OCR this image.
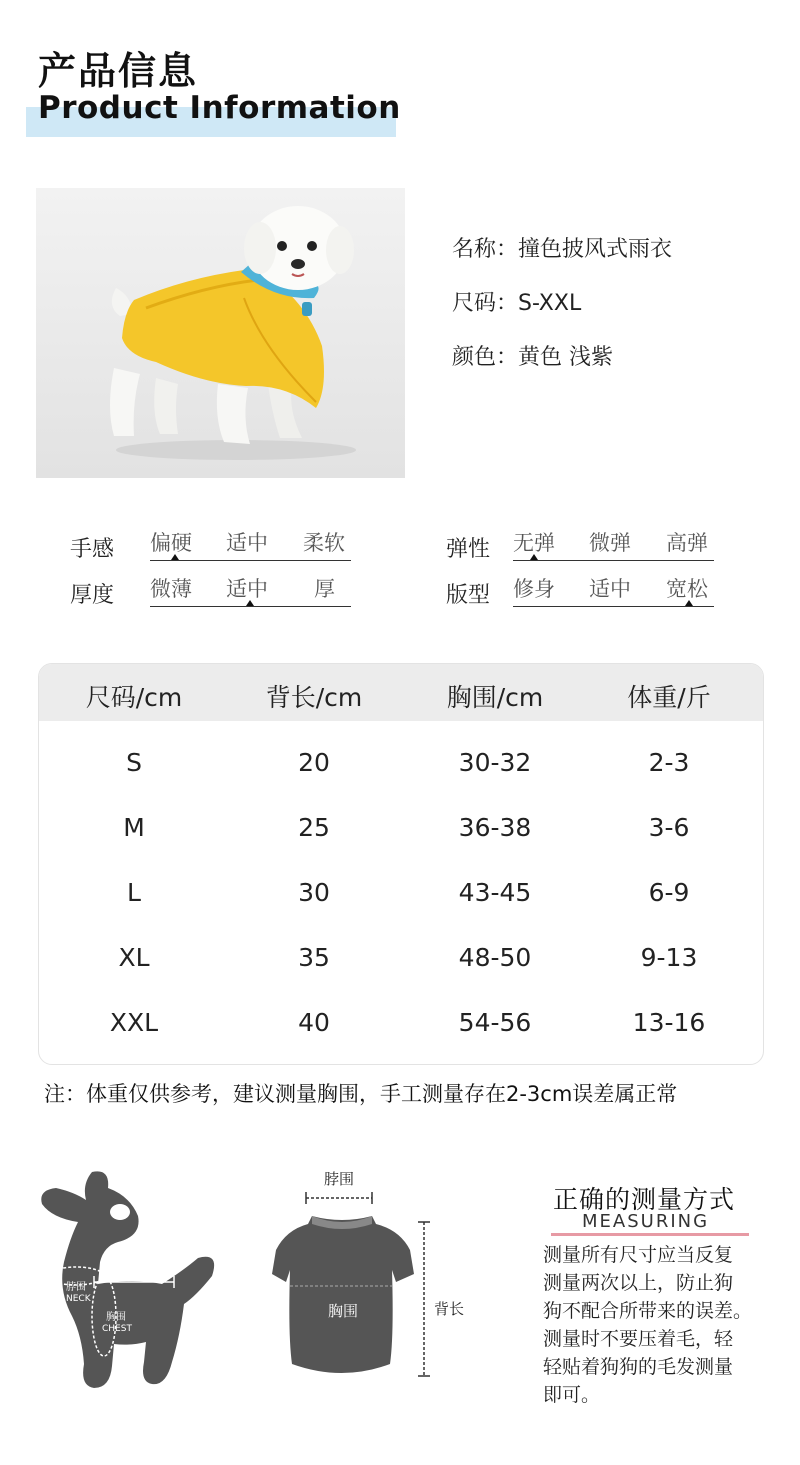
产品信息
Product Information
名称：撞色披风式雨衣
尺码：S-XXL
颜色：黄色 浅紫
手感 偏硬 适中 柔软
厚度 微薄 适中 厚
弹性 无弹 微弹 高弹
版型 修身 适中 宽松
尺码/cm	背长/cm	胸围/cm	体重/斤
S	20	30-32	2-3
M	25	36-38	3-6
L	30	43-45	6-9
XL	35	48-50	9-13
XXL	40	54-56	13-16
注：体重仅供参考，建议测量胸围，手工测量存在2-3cm误差属正常
LENGTH背长
脖围
NECK
胸围
CHEST
脖围
胸围	背长
正确的测量方式
MEASURING
测量所有尺寸应当反复
测量两次以上，防止狗
狗不配合所带来的误差。
测量时不要压着毛，轻
轻贴着狗狗的毛发测量
即可。
